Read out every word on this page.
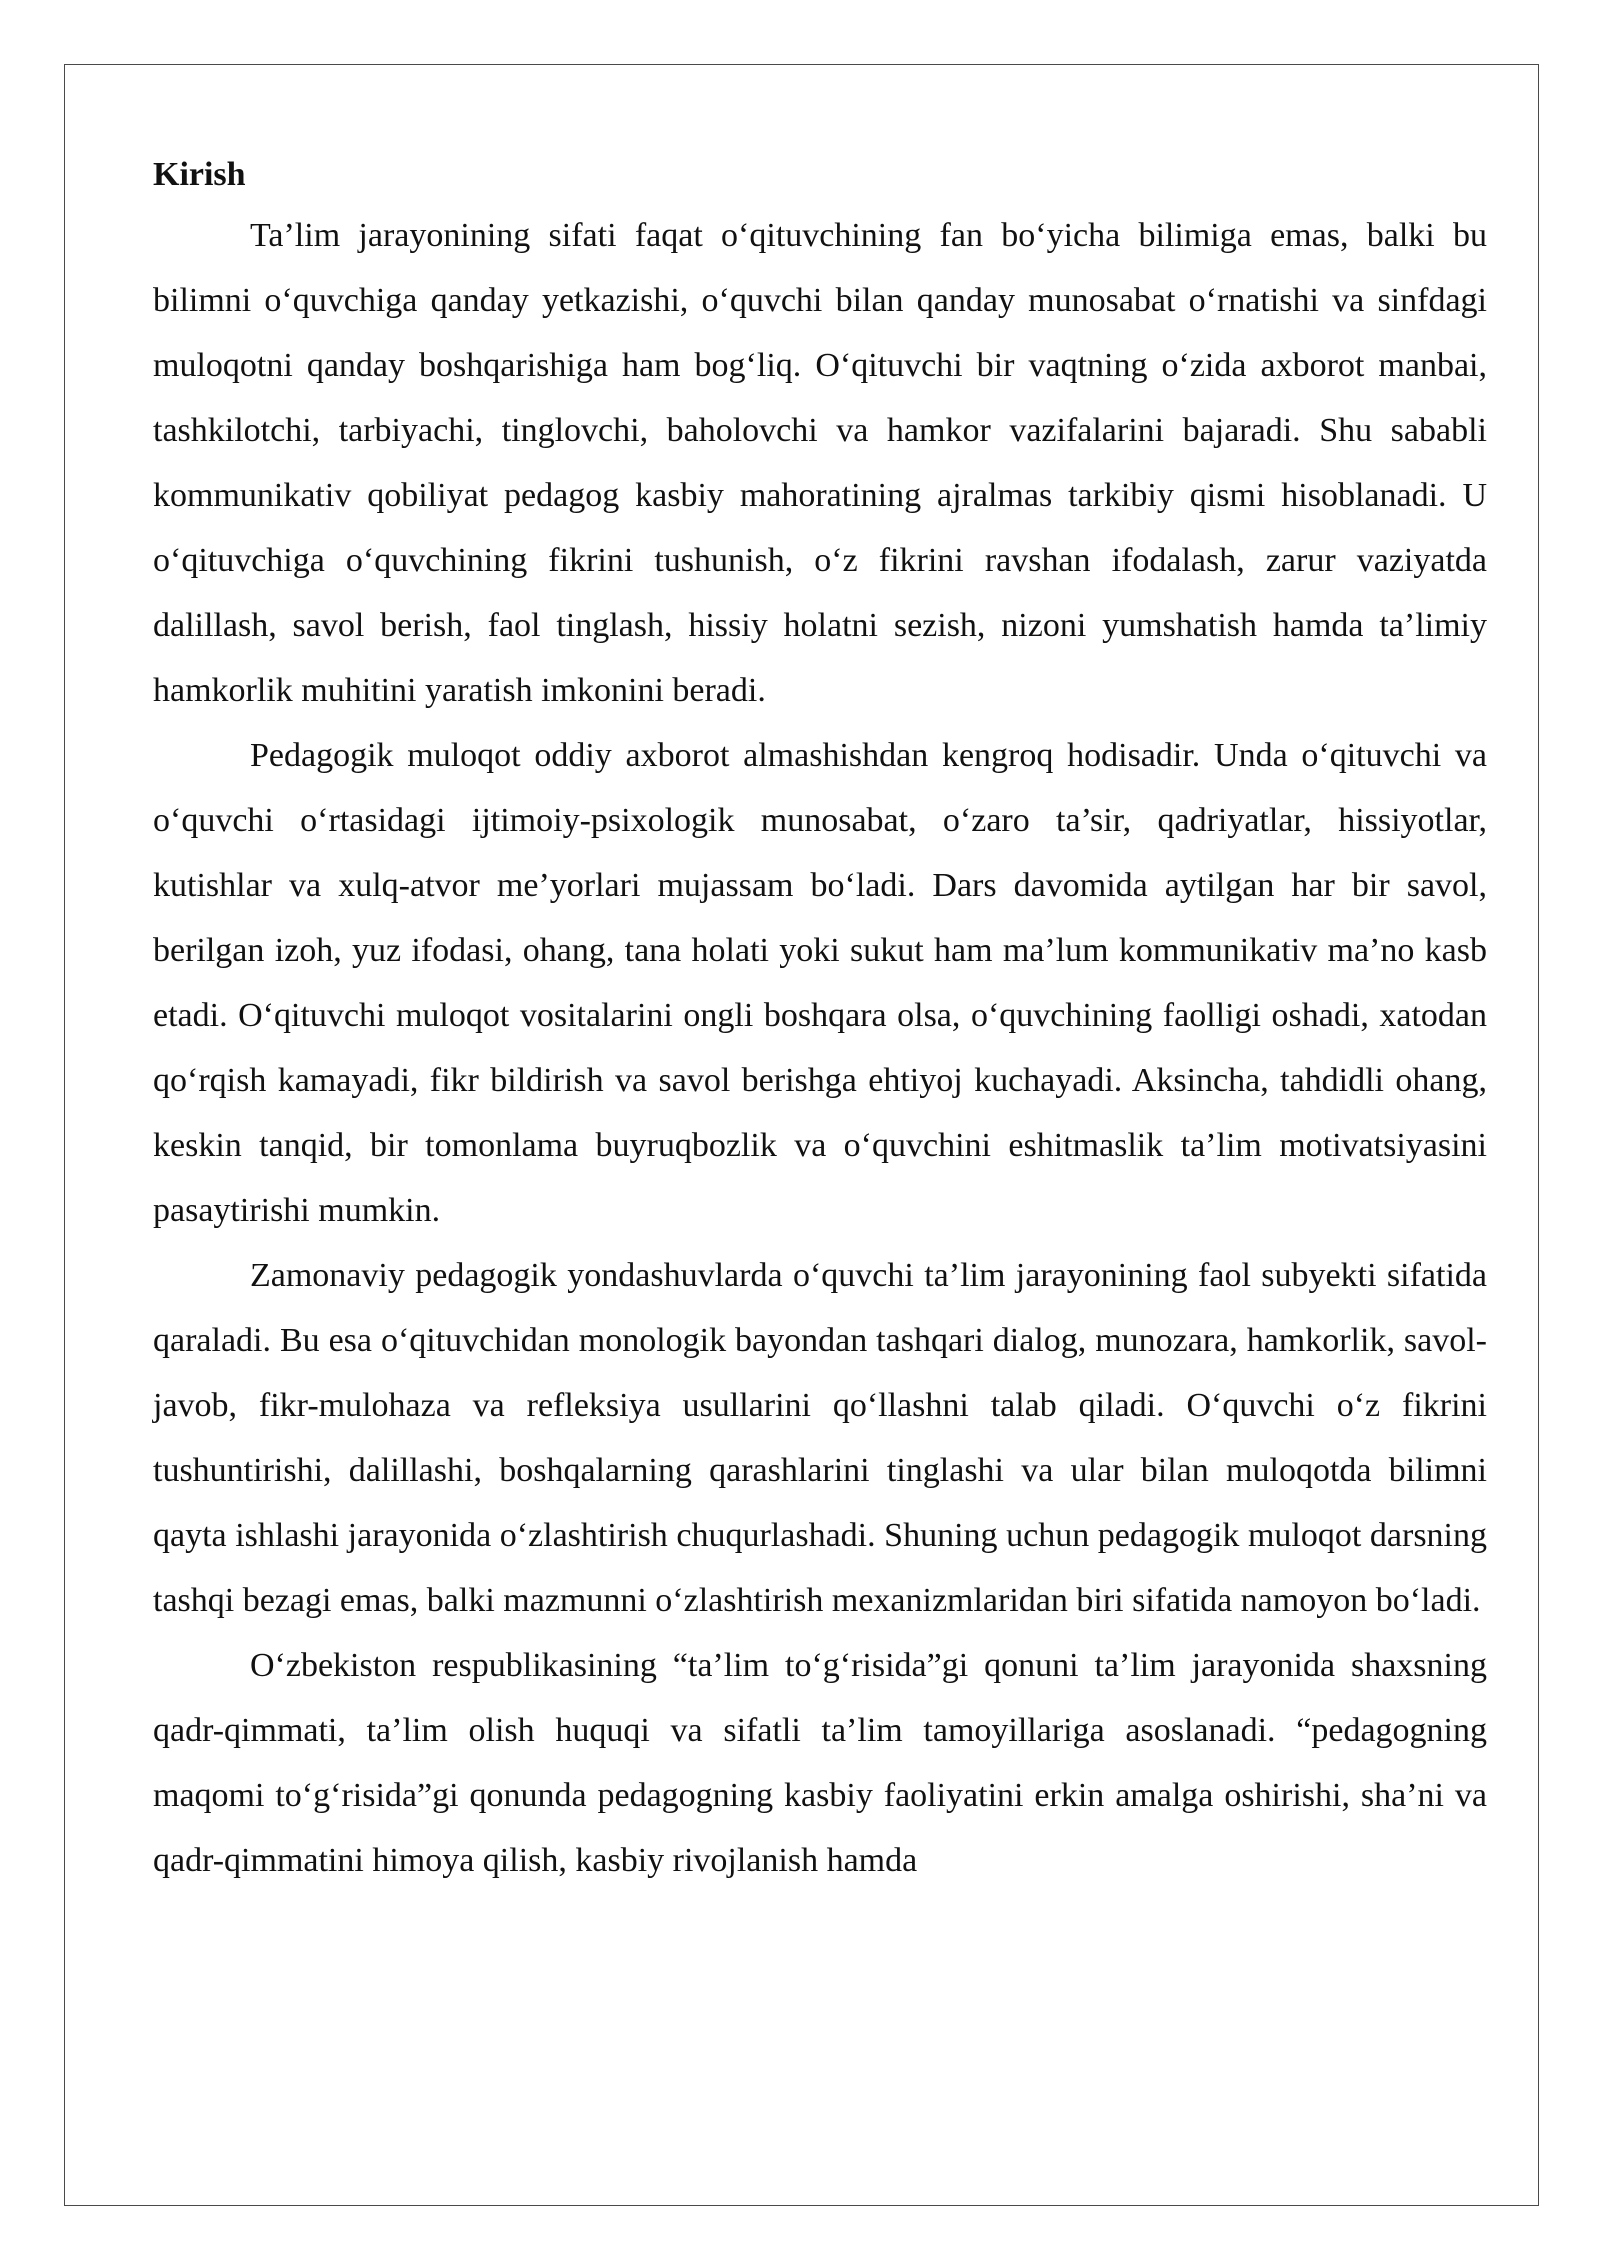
Kirish

Ta’lim jarayonining sifati faqat o‘qituvchining fan bo‘yicha bilimiga emas, balki bu bilimni o‘quvchiga qanday yetkazishi, o‘quvchi bilan qanday munosabat o‘rnatishi va sinfdagi muloqotni qanday boshqarishiga ham bog‘liq. O‘qituvchi bir vaqtning o‘zida axborot manbai, tashkilotchi, tarbiyachi, tinglovchi, baholovchi va hamkor vazifalarini bajaradi. Shu sababli kommunikativ qobiliyat pedagog kasbiy mahoratining ajralmas tarkibiy qismi hisoblanadi. U o‘qituvchiga o‘quvchining fikrini tushunish, o‘z fikrini ravshan ifodalash, zarur vaziyatda dalillash, savol berish, faol tinglash, hissiy holatni sezish, nizoni yumshatish hamda ta’limiy hamkorlik muhitini yaratish imkonini beradi.

Pedagogik muloqot oddiy axborot almashishdan kengroq hodisadir. Unda o‘qituvchi va o‘quvchi o‘rtasidagi ijtimoiy-psixologik munosabat, o‘zaro ta’sir, qadriyatlar, hissiyotlar, kutishlar va xulq-atvor me’yorlari mujassam bo‘ladi. Dars davomida aytilgan har bir savol, berilgan izoh, yuz ifodasi, ohang, tana holati yoki sukut ham ma’lum kommunikativ ma’no kasb etadi. O‘qituvchi muloqot vositalarini ongli boshqara olsa, o‘quvchining faolligi oshadi, xatodan qo‘rqish kamayadi, fikr bildirish va savol berishga ehtiyoj kuchayadi. Aksincha, tahdidli ohang, keskin tanqid, bir tomonlama buyruqbozlik va o‘quvchini eshitmaslik ta’lim motivatsiyasini pasaytirishi mumkin.

Zamonaviy pedagogik yondashuvlarda o‘quvchi ta’lim jarayonining faol subyekti sifatida qaraladi. Bu esa o‘qituvchidan monologik bayondan tashqari dialog, munozara, hamkorlik, savol-javob, fikr-mulohaza va refleksiya usullarini qo‘llashni talab qiladi. O‘quvchi o‘z fikrini tushuntirishi, dalillashi, boshqalarning qarashlarini tinglashi va ular bilan muloqotda bilimni qayta ishlashi jarayonida o‘zlashtirish chuqurlashadi. Shuning uchun pedagogik muloqot darsning tashqi bezagi emas, balki mazmunni o‘zlashtirish mexanizmlaridan biri sifatida namoyon bo‘ladi.

O‘zbekiston respublikasining “ta’lim to‘g‘risida”gi qonuni ta’lim jarayonida shaxsning qadr-qimmati, ta’lim olish huquqi va sifatli ta’lim tamoyillariga asoslanadi. “pedagogning maqomi to‘g‘risida”gi qonunda pedagogning kasbiy faoliyatini erkin amalga oshirishi, sha’ni va qadr-qimmatini himoya qilish, kasbiy rivojlanish hamda
